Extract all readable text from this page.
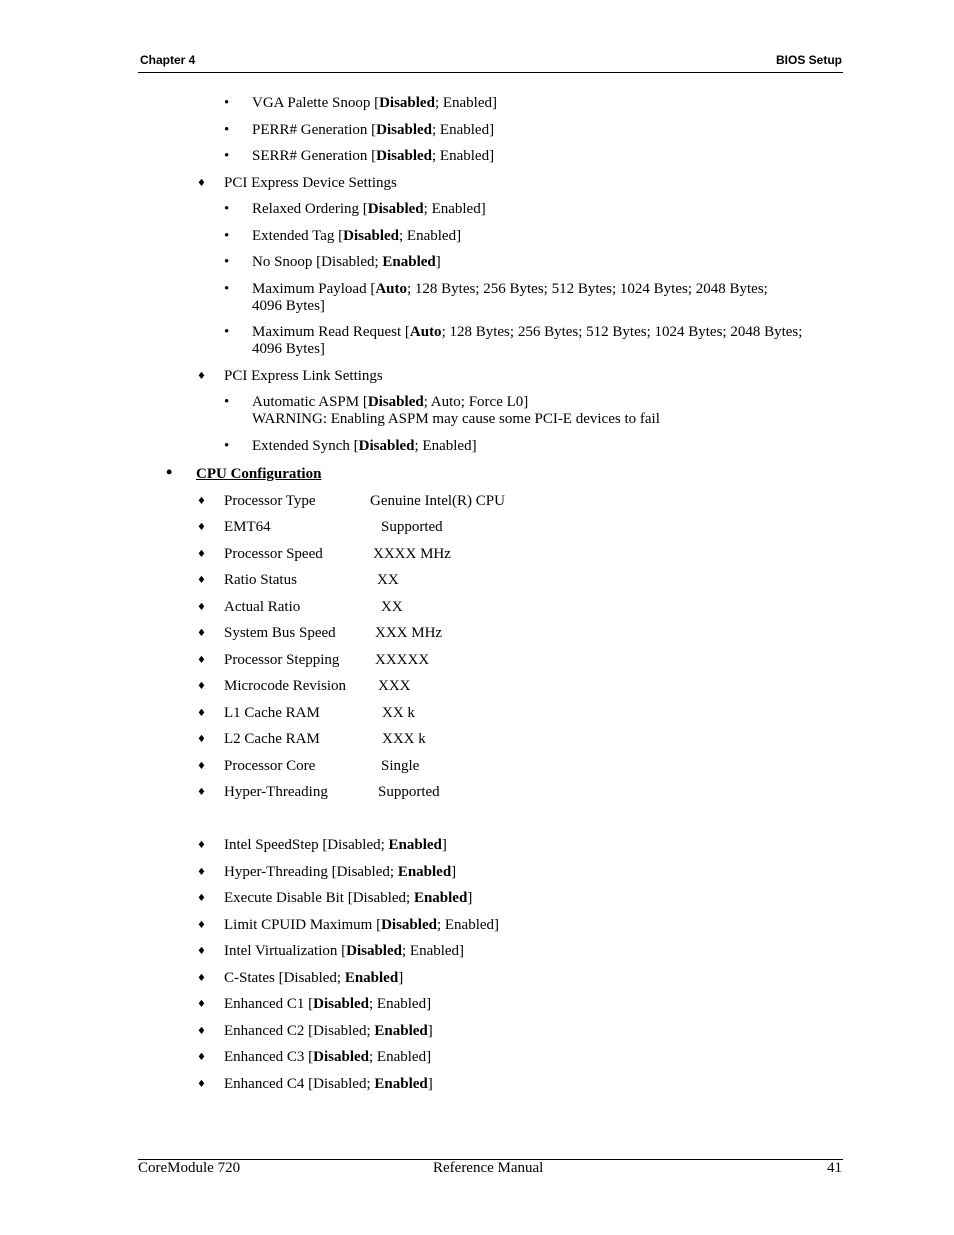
Chapter 4	BIOS Setup
• VGA Palette Snoop [Disabled; Enabled]
• PERR# Generation [Disabled; Enabled]
• SERR# Generation [Disabled; Enabled]
♦ PCI Express Device Settings
• Relaxed Ordering [Disabled; Enabled]
• Extended Tag [Disabled; Enabled]
• No Snoop [Disabled; Enabled]
• Maximum Payload [Auto; 128 Bytes; 256 Bytes; 512 Bytes; 1024 Bytes; 2048 Bytes;
4096 Bytes]
• Maximum Read Request [Auto; 128 Bytes; 256 Bytes; 512 Bytes; 1024 Bytes; 2048 Bytes;
4096 Bytes]
♦ PCI Express Link Settings
• Automatic ASPM [Disabled; Auto; Force L0]
WARNING: Enabling ASPM may cause some PCI-E devices to fail
• Extended Synch [Disabled; Enabled]
• CPU Configuration
♦ Processor Type	Genuine Intel(R) CPU
♦ EMT64	Supported
♦ Processor Speed	XXXX MHz
♦ Ratio Status	XX
♦ Actual Ratio	XX
♦ System Bus Speed	XXX MHz
♦ Processor Stepping XXXXX
♦ Microcode Revision XXX
♦ L1 Cache RAM	XX k
♦ L2 Cache RAM	XXX k
♦ Processor Core	Single
♦ Hyper-Threading	Supported
♦ Intel SpeedStep [Disabled; Enabled]
♦ Hyper-Threading [Disabled; Enabled]
♦ Execute Disable Bit [Disabled; Enabled]
♦ Limit CPUID Maximum [Disabled; Enabled]
♦ Intel Virtualization [Disabled; Enabled]
♦ C-States [Disabled; Enabled]
♦ Enhanced C1 [Disabled; Enabled]
♦ Enhanced C2 [Disabled; Enabled]
♦ Enhanced C3 [Disabled; Enabled]
♦ Enhanced C4 [Disabled; Enabled]
CoreModule 720	Reference Manual	41
